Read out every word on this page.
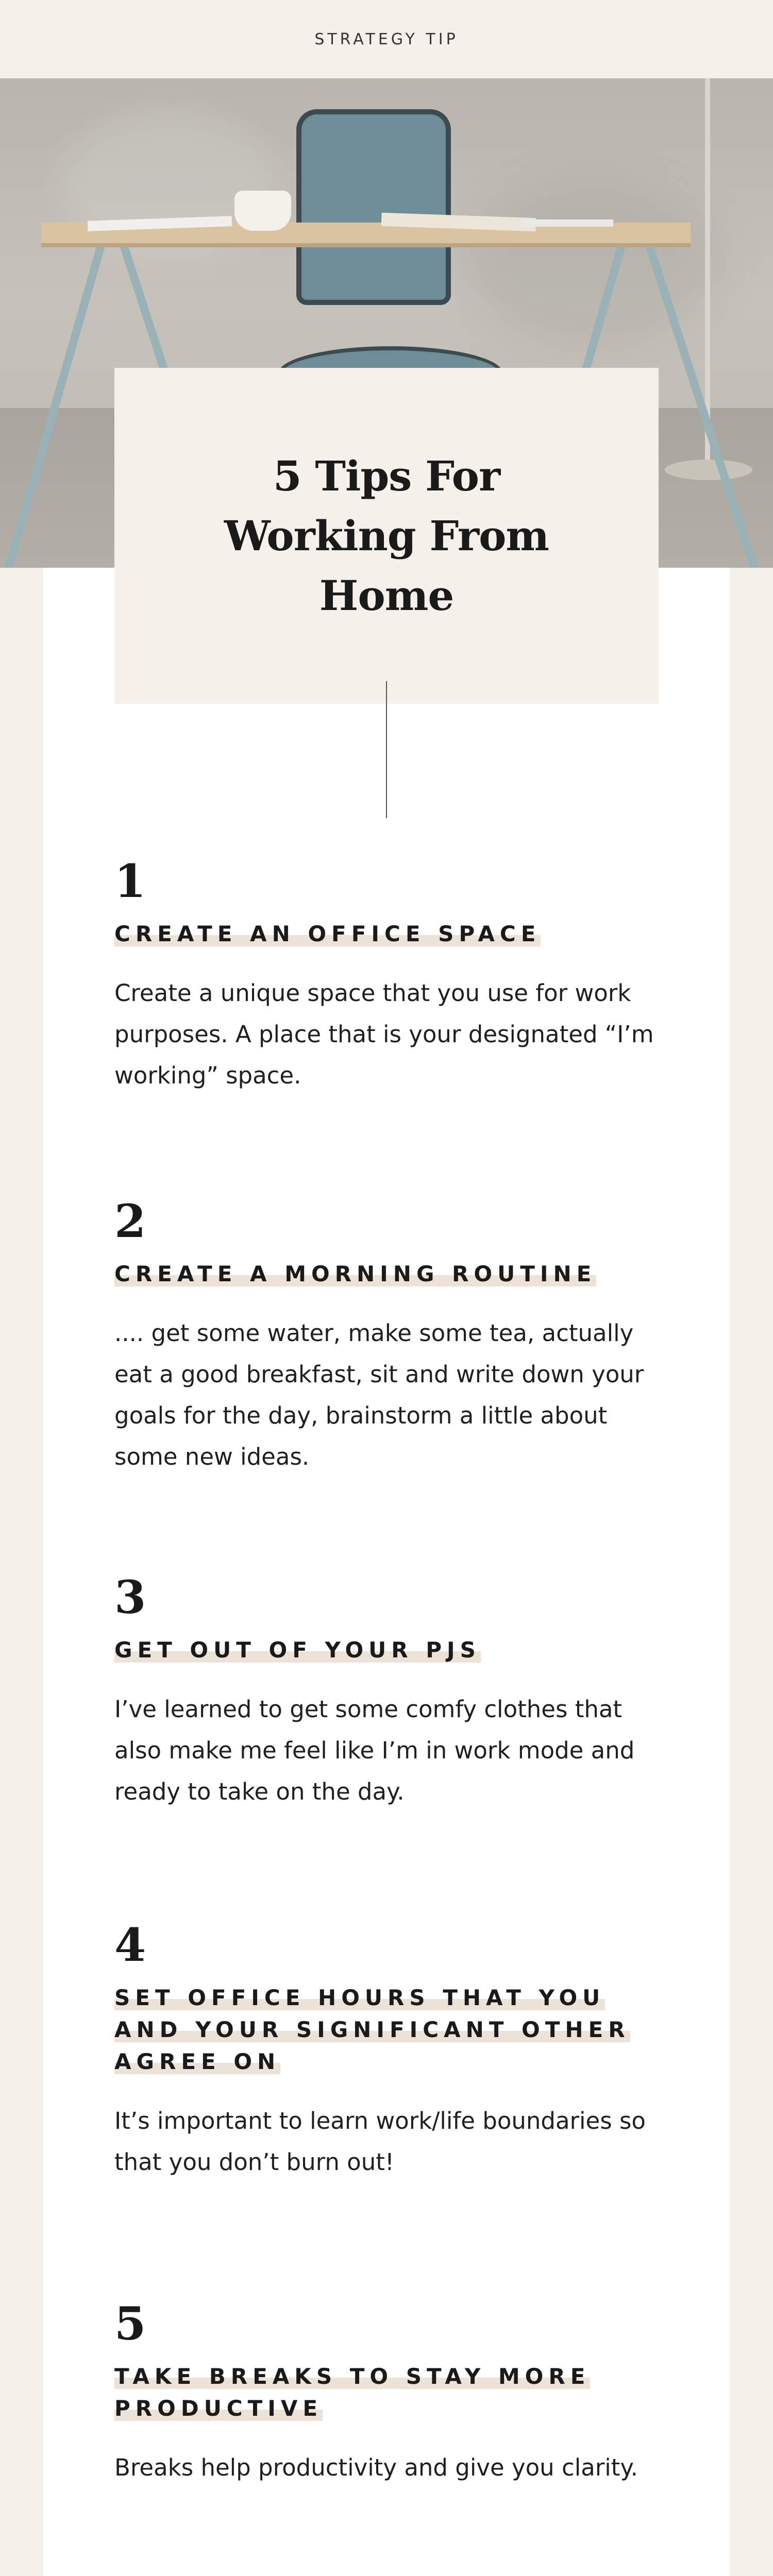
STRATEGY TIP
5 Tips For
Working From
Home
1
CREATE AN OFFICE SPACE
Create a unique space that you use for work purposes. A place that is your designated “I’m working” space.
2
CREATE A MORNING ROUTINE
.... get some water, make some tea, actually eat a good breakfast, sit and write down your goals for the day, brainstorm a little about some new ideas.
3
GET OUT OF YOUR PJS
I’ve learned to get some comfy clothes that also make me feel like I’m in work mode and ready to take on the day.
4
SET OFFICE HOURS THAT YOU AND YOUR SIGNIFICANT OTHER AGREE ON
It’s important to learn work/life boundaries so that you don’t burn out!
5
TAKE BREAKS TO STAY MORE PRODUCTIVE
Breaks help productivity and give you clarity.
